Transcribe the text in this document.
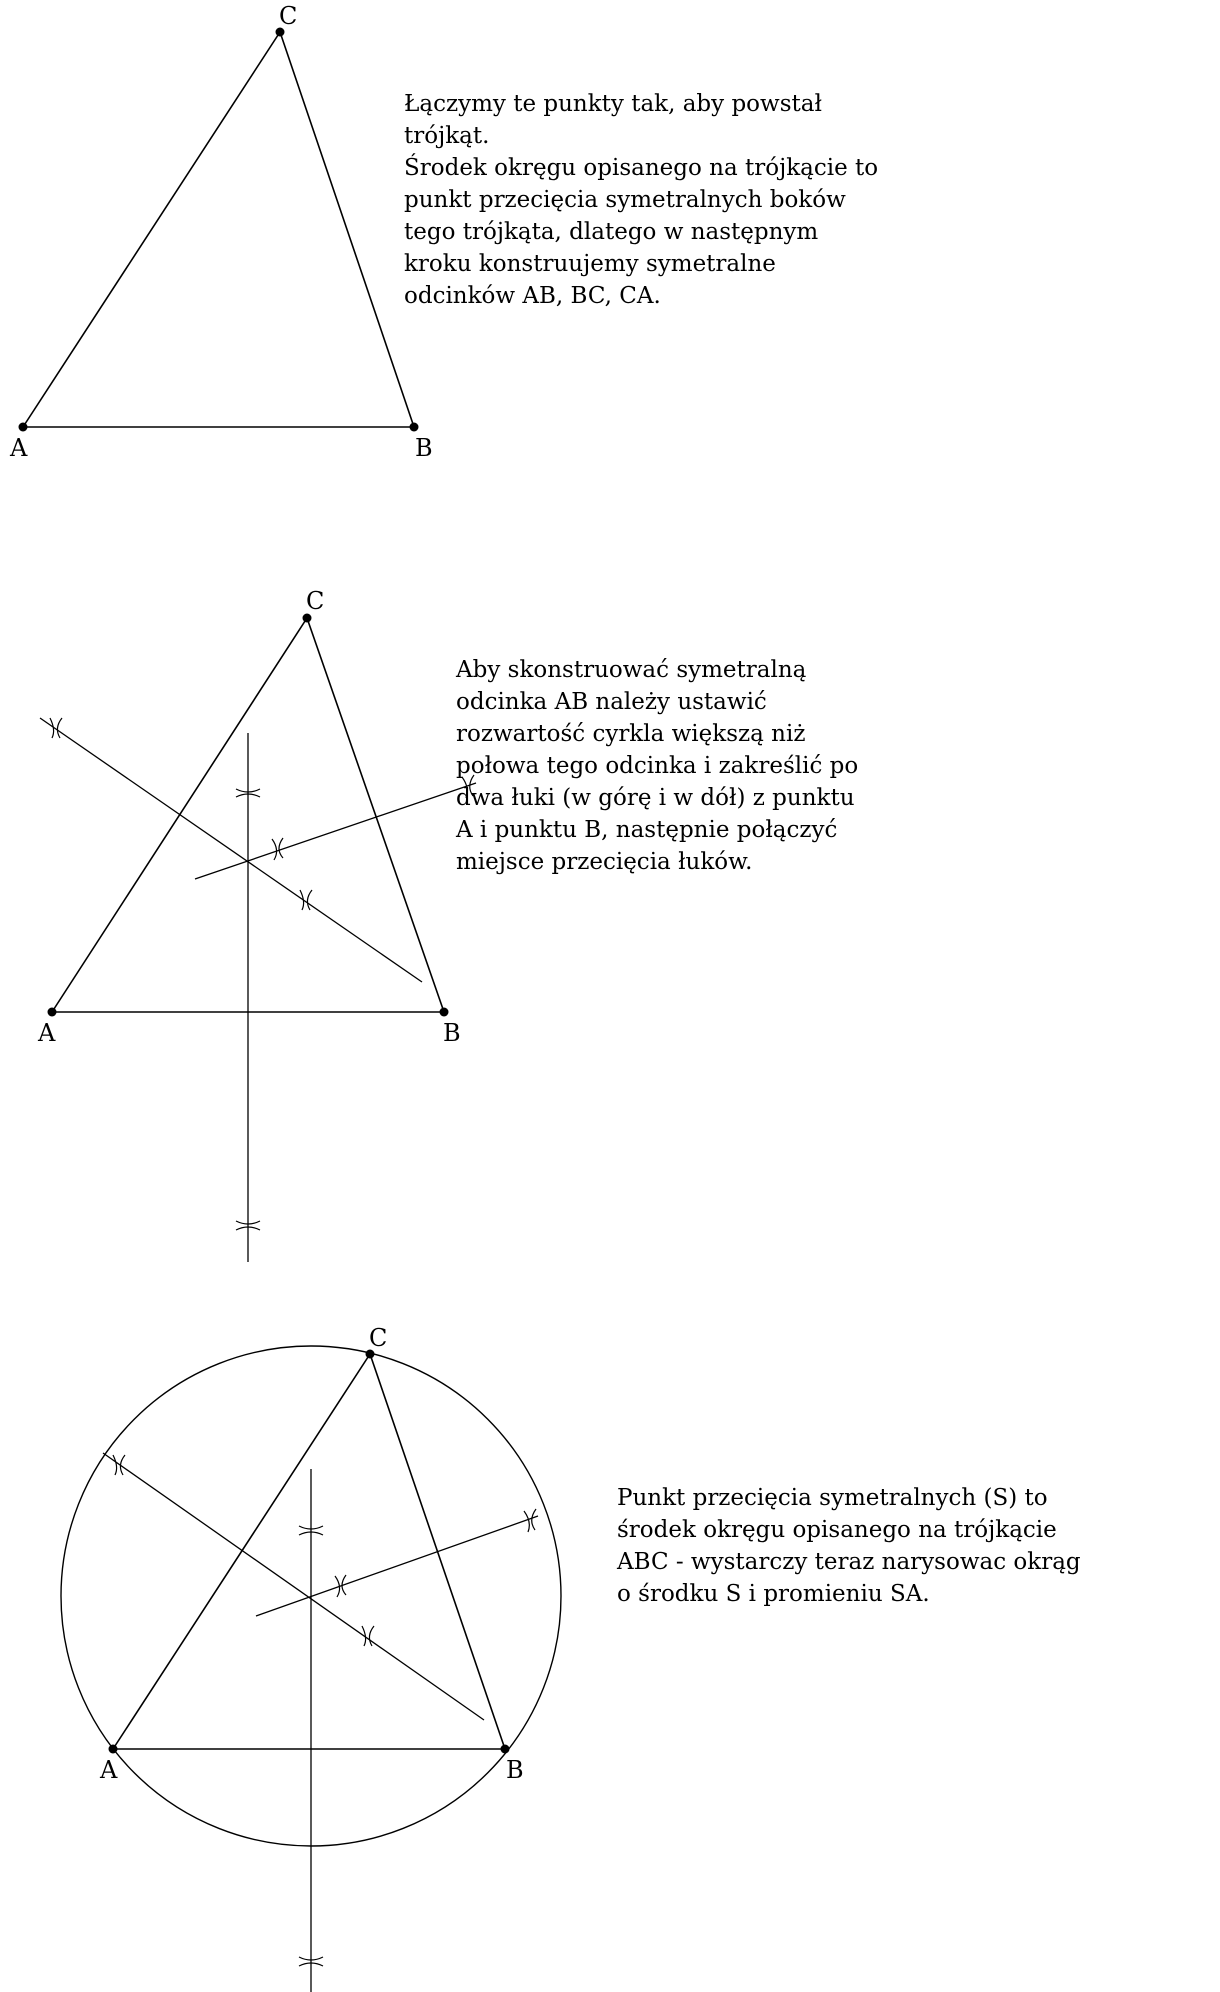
A	B
C
A	B
C
A	B
C
Łączymy te punkty tak, aby powstał
trójkąt.
Środek okręgu opisanego na trójkącie to
punkt przecięcia symetralnych boków
tego trójkąta, dlatego w następnym
kroku konstruujemy symetralne
odcinków AB, BC, CA.
Aby skonstruować symetralną
odcinka AB należy ustawić
rozwartość cyrkla większą niż
połowa tego odcinka i zakreślić po
dwa łuki (w górę i w dół) z punktu
A i punktu B, następnie połączyć
miejsce przecięcia łuków.
Punkt przecięcia symetralnych (S) to
środek okręgu opisanego na trójkącie
ABC - wystarczy teraz narysowac okrąg
o środku S i promieniu SA.
